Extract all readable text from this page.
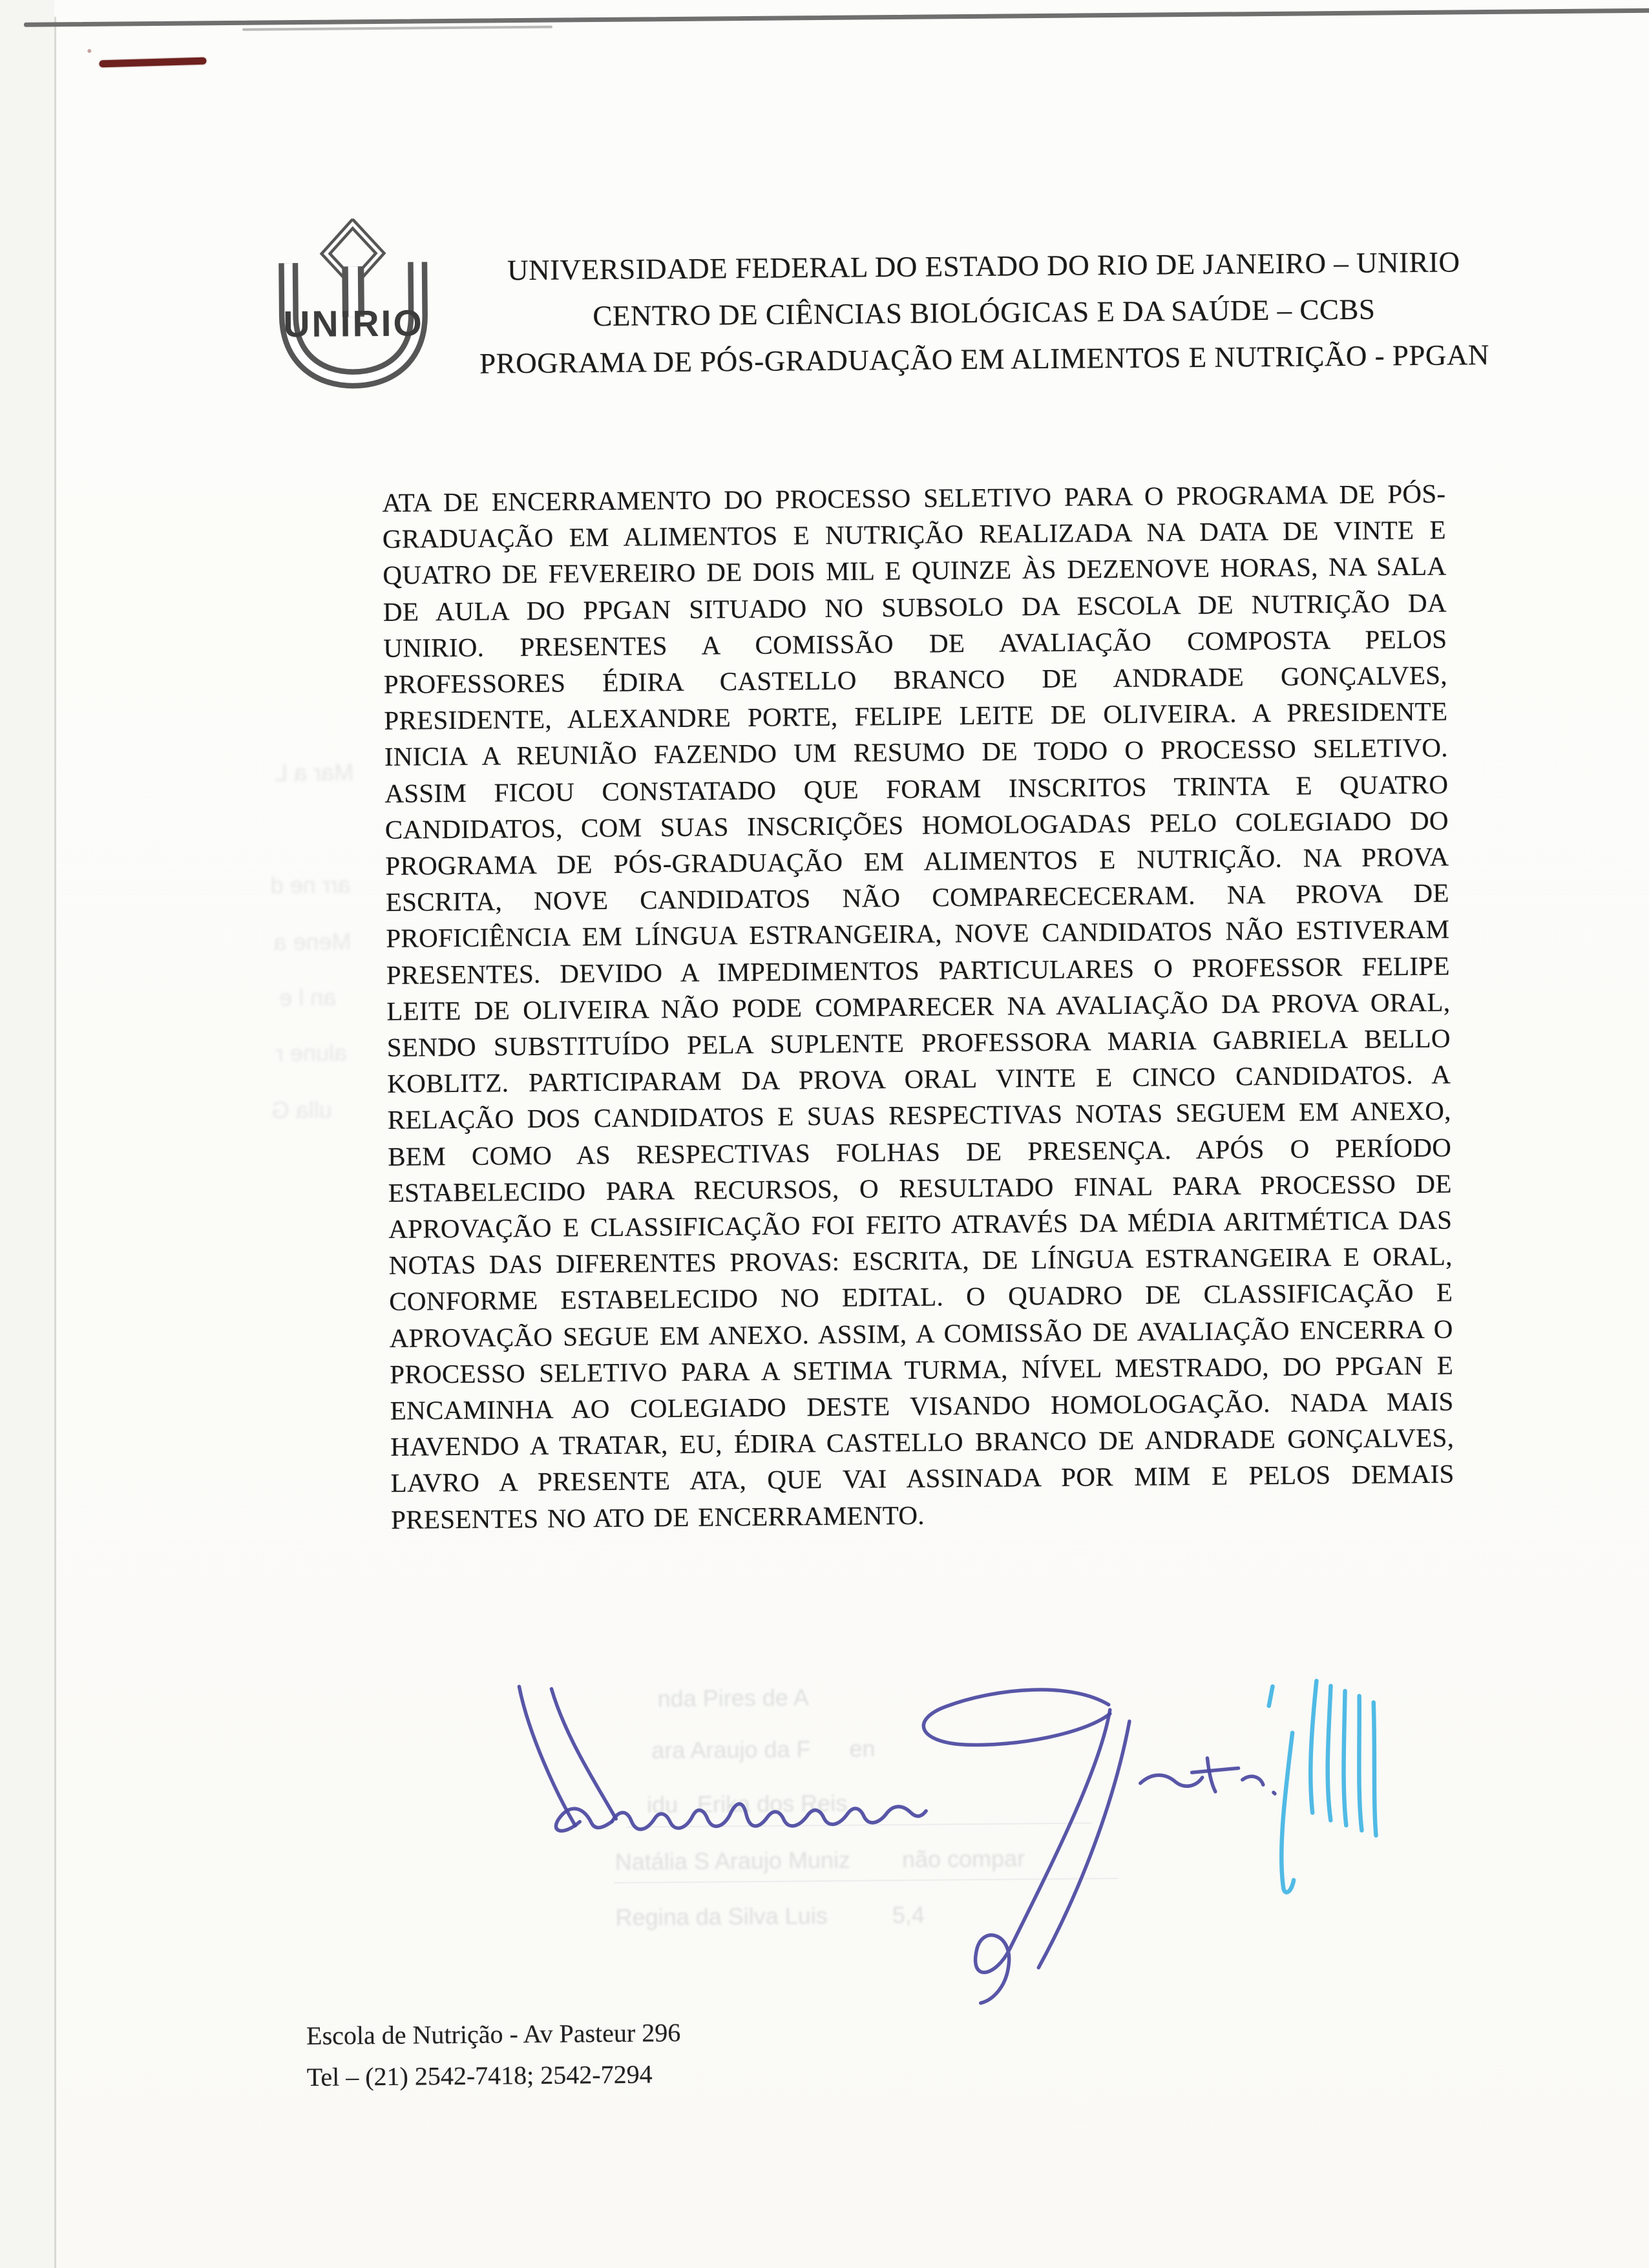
UNIRIO
UNIVERSIDADE FEDERAL DO ESTADO DO RIO DE JANEIRO – UNIRIO
CENTRO DE CIÊNCIAS BIOLÓGICAS E DA SAÚDE – CCBS
PROGRAMA DE PÓS-GRADUAÇÃO EM ALIMENTOS E NUTRIÇÃO - PPGAN
Mar a L
arr ne d
Mene a
an l e
alune r
ulla G
ATA DE ENCERRAMENTO DO PROCESSO SELETIVO PARA O PROGRAMA DE PÓS-GRADUAÇÃO EM ALIMENTOS E NUTRIÇÃO REALIZADA NA DATA DE VINTE E QUATRO DE FEVEREIRO DE DOIS MIL E QUINZE ÀS DEZENOVE HORAS, NA SALA DE AULA DO PPGAN SITUADO NO SUBSOLO DA ESCOLA DE NUTRIÇÃO DA UNIRIO. PRESENTES A COMISSÃO DE AVALIAÇÃO COMPOSTA PELOS PROFESSORES ÉDIRA CASTELLO BRANCO DE ANDRADE GONÇALVES, PRESIDENTE, ALEXANDRE PORTE, FELIPE LEITE DE OLIVEIRA. A PRESIDENTE INICIA A REUNIÃO FAZENDO UM RESUMO DE TODO O PROCESSO SELETIVO. ASSIM FICOU CONSTATADO QUE FORAM INSCRITOS TRINTA E QUATRO CANDIDATOS, COM SUAS INSCRIÇÕES HOMOLOGADAS PELO COLEGIADO DO PROGRAMA DE PÓS-GRADUAÇÃO EM ALIMENTOS E NUTRIÇÃO. NA PROVA ESCRITA, NOVE CANDIDATOS NÃO COMPARECECERAM. NA PROVA DE PROFICIÊNCIA EM LÍNGUA ESTRANGEIRA, NOVE CANDIDATOS NÃO ESTIVERAM PRESENTES. DEVIDO A IMPEDIMENTOS PARTICULARES O PROFESSOR FELIPE LEITE DE OLIVEIRA NÃO PODE COMPARECER NA AVALIAÇÃO DA PROVA ORAL, SENDO SUBSTITUÍDO PELA SUPLENTE PROFESSORA MARIA GABRIELA BELLO KOBLITZ. PARTICIPARAM DA PROVA ORAL VINTE E CINCO CANDIDATOS. A RELAÇÃO DOS CANDIDATOS E SUAS RESPECTIVAS NOTAS SEGUEM EM ANEXO, BEM COMO AS RESPECTIVAS FOLHAS DE PRESENÇA. APÓS O PERÍODO ESTABELECIDO PARA RECURSOS, O RESULTADO FINAL PARA PROCESSO DE APROVAÇÃO E CLASSIFICAÇÃO FOI FEITO ATRAVÉS DA MÉDIA ARITMÉTICA DAS NOTAS DAS DIFERENTES PROVAS: ESCRITA, DE LÍNGUA ESTRANGEIRA E ORAL, CONFORME ESTABELECIDO NO EDITAL. O QUADRO DE CLASSIFICAÇÃO E APROVAÇÃO SEGUE EM ANEXO. ASSIM, A COMISSÃO DE AVALIAÇÃO ENCERRA O PROCESSO SELETIVO PARA A SETIMA TURMA, NÍVEL MESTRADO, DO PPGAN E ENCAMINHA AO COLEGIADO DESTE VISANDO HOMOLOGAÇÃO. NADA MAIS HAVENDO A TRATAR, EU, ÉDIRA CASTELLO BRANCO DE ANDRADE GONÇALVES, LAVRO A PRESENTE ATA, QUE VAI ASSINADA POR MIM E PELOS DEMAIS PRESENTES NO ATO DE ENCERRAMENTO.
nda Pires de A
ara Araujo da F      en
idu   Erika dos Reis
Natália S Araujo Muniz        não compar
Regina da Silva Luis          5,4
Escola de Nutrição - Av Pasteur 296
Tel – (21) 2542-7418; 2542-7294
